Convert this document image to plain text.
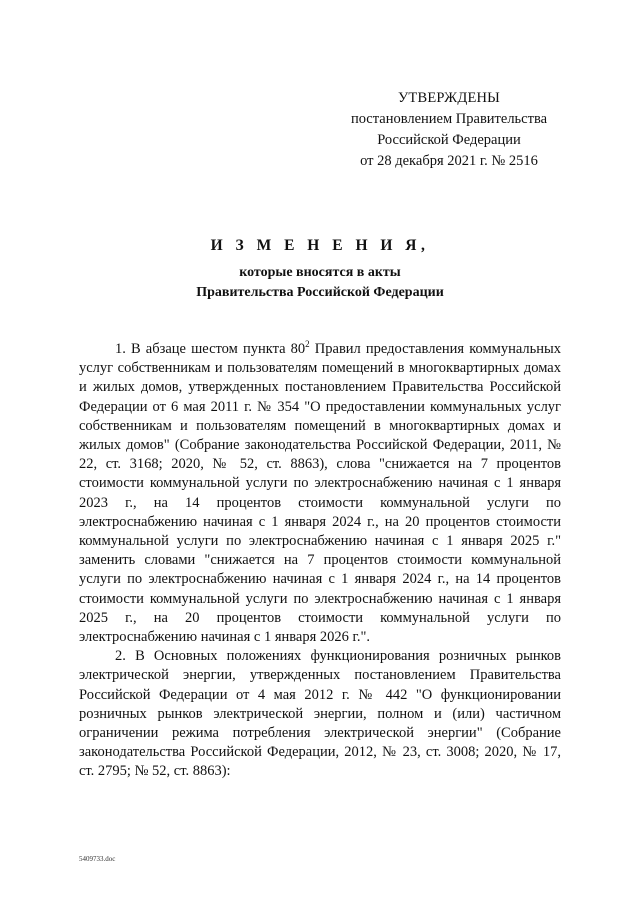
УТВЕРЖДЕНЫ
постановлением Правительства
Российской Федерации
от 28 декабря 2021 г. № 2516
И З М Е Н Е Н И Я,
которые вносятся в акты
Правительства Российской Федерации

1. В абзаце шестом пункта $80^2$ Правил предоставления коммунальных услуг собственникам и пользователям помещений в многоквартирных домах и жилых домов, утвержденных постановлением Правительства Российской Федерации от 6 мая 2011 г. № 354 "О предоставлении коммунальных услуг собственникам и пользователям помещений в многоквартирных домах и жилых домов" (Собрание законодательства Российской Федерации, 2011, № 22, ст. 3168; 2020, № 52, ст. 8863), слова "снижается на 7 процентов стоимости коммунальной услуги по электроснабжению начиная с 1 января 2023 г., на 14 процентов стоимости коммунальной услуги по электроснабжению начиная с 1 января 2024 г., на 20 процентов стоимости коммунальной услуги по электроснабжению начиная с 1 января 2025 г." заменить словами "снижается на 7 процентов стоимости коммунальной услуги по электроснабжению начиная с 1 января 2024 г., на 14 процентов стоимости коммунальной услуги по электроснабжению начиная с 1 января 2025 г., на 20 процентов стоимости коммунальной услуги по электроснабжению начиная с 1 января 2026 г.".

2. В Основных положениях функционирования розничных рынков электрической энергии, утвержденных постановлением Правительства Российской Федерации от 4 мая 2012 г. № 442 "О функционировании розничных рынков электрической энергии, полном и (или) частичном ограничении режима потребления электрической энергии" (Собрание законодательства Российской Федерации, 2012, № 23, ст. 3008; 2020, № 17, ст. 2795; № 52, ст. 8863):

5409733.doc
